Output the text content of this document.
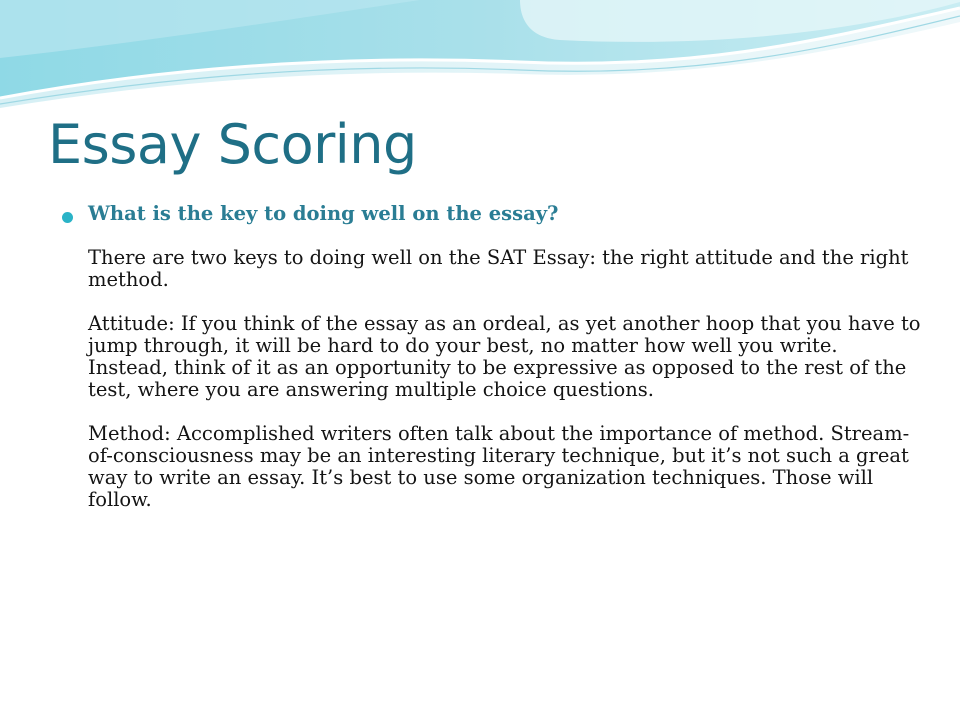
Essay Scoring

What is the key to doing well on the essay?

There are two keys to doing well on the SAT Essay: the right attitude and the right method.

Attitude: If you think of the essay as an ordeal, as yet another hoop that you have to jump through, it will be hard to do your best, no matter how well you write. Instead, think of it as an opportunity to be expressive as opposed to the rest of the test, where you are answering multiple choice questions.

Method: Accomplished writers often talk about the importance of method. Stream-of-consciousness may be an interesting literary technique, but it’s not such a great way to write an essay. It’s best to use some organization techniques. Those will follow.
